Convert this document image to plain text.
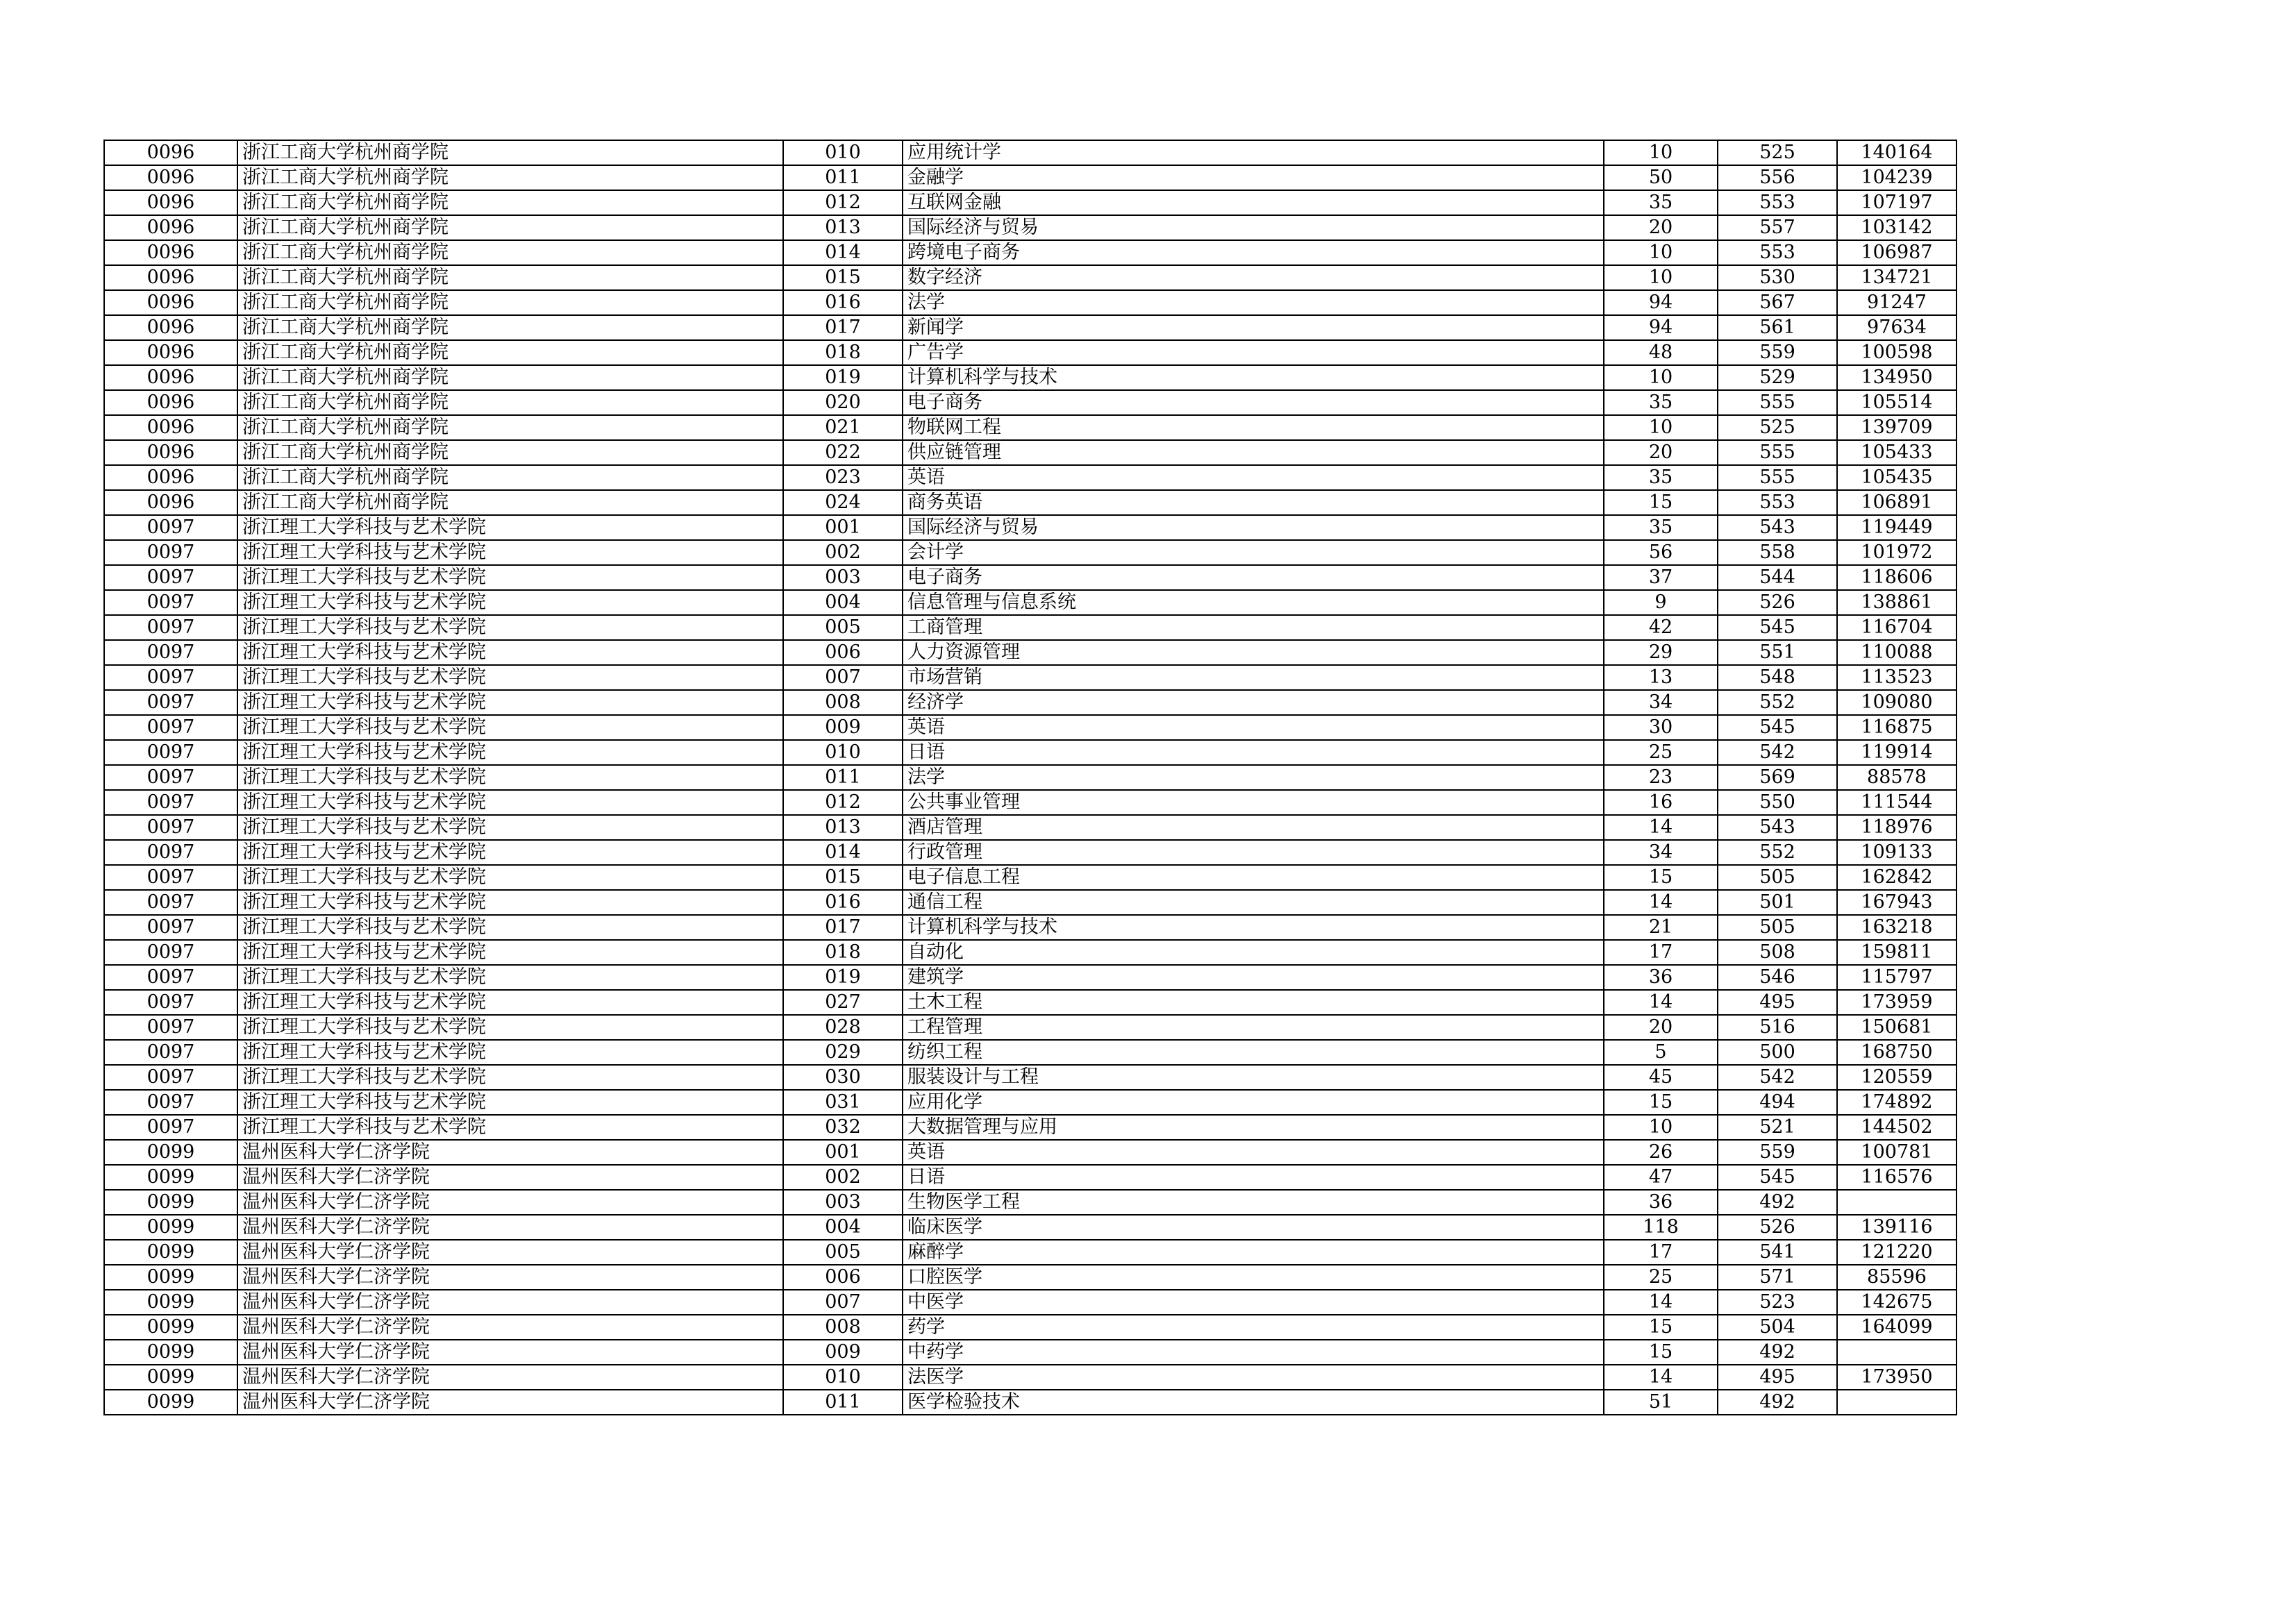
0096	浙江工商大学杭州商学院	010	应用统计学	10	525	140164
0096	浙江工商大学杭州商学院	011	金融学	50	556	104239
0096	浙江工商大学杭州商学院	012	互联网金融	35	553	107197
0096	浙江工商大学杭州商学院	013	国际经济与贸易	20	557	103142
0096	浙江工商大学杭州商学院	014	跨境电子商务	10	553	106987
0096	浙江工商大学杭州商学院	015	数字经济	10	530	134721
0096	浙江工商大学杭州商学院	016	法学	94	567	91247
0096	浙江工商大学杭州商学院	017	新闻学	94	561	97634
0096	浙江工商大学杭州商学院	018	广告学	48	559	100598
0096	浙江工商大学杭州商学院	019	计算机科学与技术	10	529	134950
0096	浙江工商大学杭州商学院	020	电子商务	35	555	105514
0096	浙江工商大学杭州商学院	021	物联网工程	10	525	139709
0096	浙江工商大学杭州商学院	022	供应链管理	20	555	105433
0096	浙江工商大学杭州商学院	023	英语	35	555	105435
0096	浙江工商大学杭州商学院	024	商务英语	15	553	106891
0097	浙江理工大学科技与艺术学院	001	国际经济与贸易	35	543	119449
0097	浙江理工大学科技与艺术学院	002	会计学	56	558	101972
0097	浙江理工大学科技与艺术学院	003	电子商务	37	544	118606
0097	浙江理工大学科技与艺术学院	004	信息管理与信息系统	9	526	138861
0097	浙江理工大学科技与艺术学院	005	工商管理	42	545	116704
0097	浙江理工大学科技与艺术学院	006	人力资源管理	29	551	110088
0097	浙江理工大学科技与艺术学院	007	市场营销	13	548	113523
0097	浙江理工大学科技与艺术学院	008	经济学	34	552	109080
0097	浙江理工大学科技与艺术学院	009	英语	30	545	116875
0097	浙江理工大学科技与艺术学院	010	日语	25	542	119914
0097	浙江理工大学科技与艺术学院	011	法学	23	569	88578
0097	浙江理工大学科技与艺术学院	012	公共事业管理	16	550	111544
0097	浙江理工大学科技与艺术学院	013	酒店管理	14	543	118976
0097	浙江理工大学科技与艺术学院	014	行政管理	34	552	109133
0097	浙江理工大学科技与艺术学院	015	电子信息工程	15	505	162842
0097	浙江理工大学科技与艺术学院	016	通信工程	14	501	167943
0097	浙江理工大学科技与艺术学院	017	计算机科学与技术	21	505	163218
0097	浙江理工大学科技与艺术学院	018	自动化	17	508	159811
0097	浙江理工大学科技与艺术学院	019	建筑学	36	546	115797
0097	浙江理工大学科技与艺术学院	027	土木工程	14	495	173959
0097	浙江理工大学科技与艺术学院	028	工程管理	20	516	150681
0097	浙江理工大学科技与艺术学院	029	纺织工程	5	500	168750
0097	浙江理工大学科技与艺术学院	030	服装设计与工程	45	542	120559
0097	浙江理工大学科技与艺术学院	031	应用化学	15	494	174892
0097	浙江理工大学科技与艺术学院	032	大数据管理与应用	10	521	144502
0099	温州医科大学仁济学院	001	英语	26	559	100781
0099	温州医科大学仁济学院	002	日语	47	545	116576
0099	温州医科大学仁济学院	003	生物医学工程	36	492	
0099	温州医科大学仁济学院	004	临床医学	118	526	139116
0099	温州医科大学仁济学院	005	麻醉学	17	541	121220
0099	温州医科大学仁济学院	006	口腔医学	25	571	85596
0099	温州医科大学仁济学院	007	中医学	14	523	142675
0099	温州医科大学仁济学院	008	药学	15	504	164099
0099	温州医科大学仁济学院	009	中药学	15	492	
0099	温州医科大学仁济学院	010	法医学	14	495	173950
0099	温州医科大学仁济学院	011	医学检验技术	51	492	
